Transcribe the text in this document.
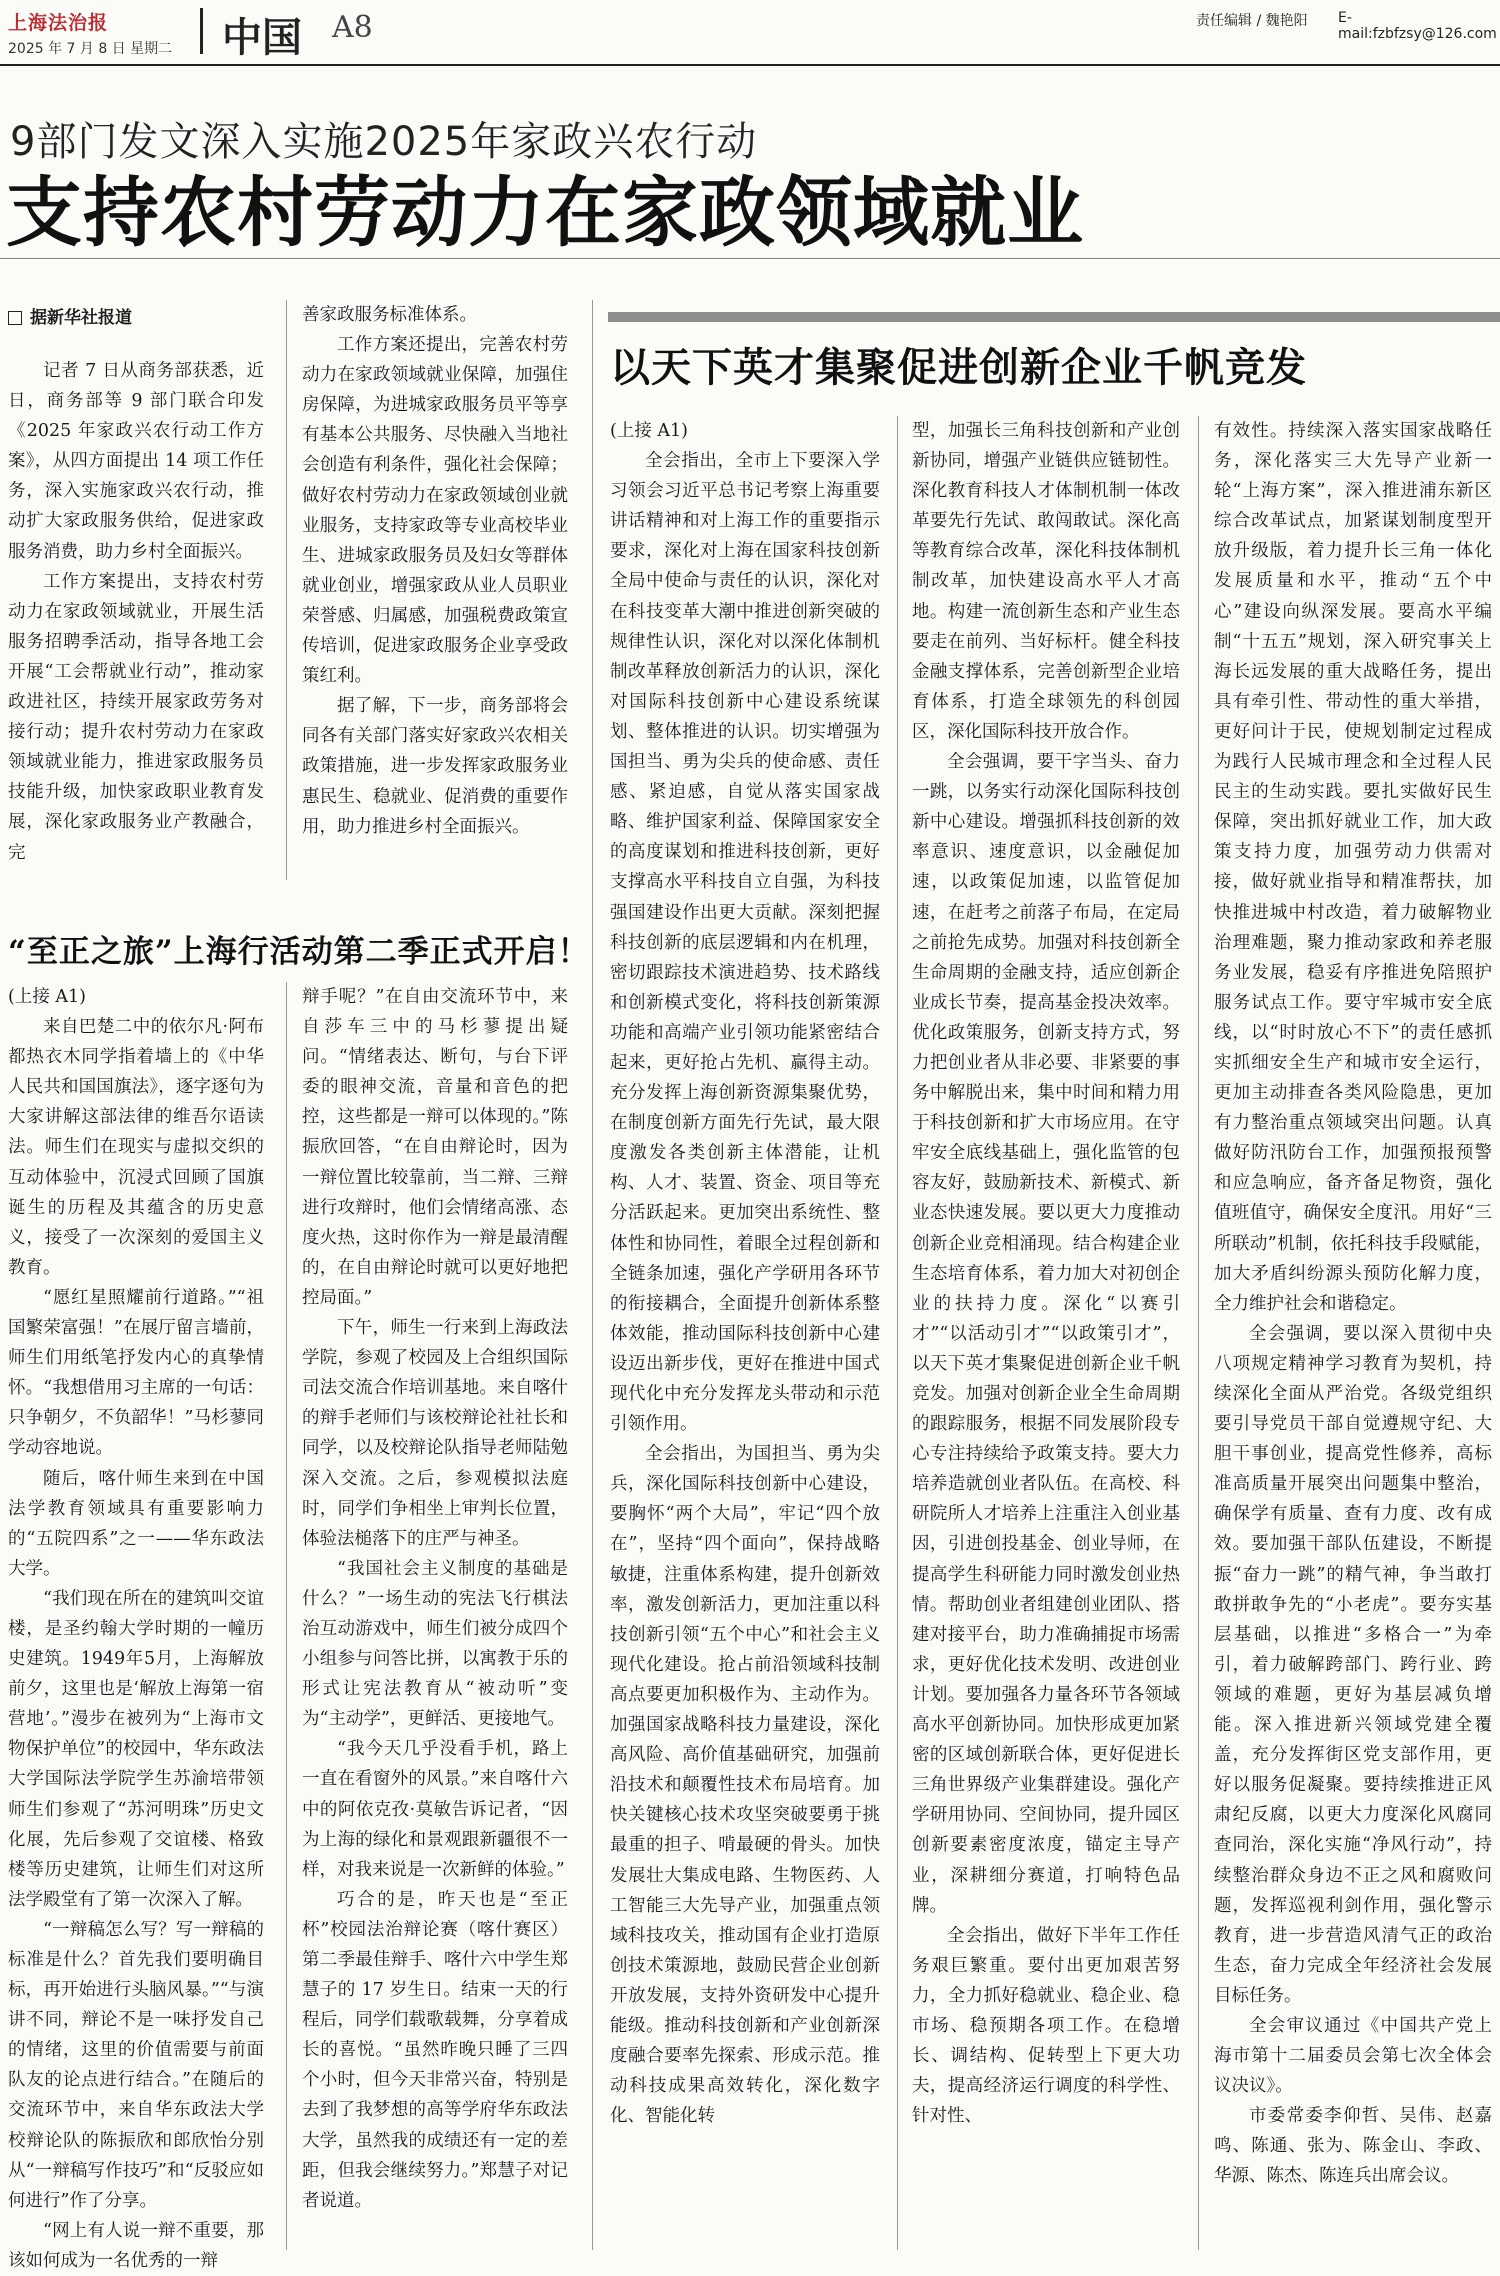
上海法治报
2025 年 7 月 8 日 星期二 中国 A8	责任编辑 / 魏艳阳 E-mail:fzbfzsy@126.com
9部门发文深入实施2025年家政兴农行动
支持农村劳动力在家政领域就业
据新华社报道

记者 7 日从商务部获悉，近日，商务部等 9 部门联合印发《2025 年家政兴农行动工作方案》，从四方面提出 14 项工作任务，深入实施家政兴农行动，推动扩大家政服务供给，促进家政服务消费，助力乡村全面振兴。

工作方案提出，支持农村劳动力在家政领域就业，开展生活服务招聘季活动，指导各地工会开展“工会帮就业行动”，推动家政进社区，持续开展家政劳务对接行动；提升农村劳动力在家政领域就业能力，推进家政服务员技能升级，加快家政职业教育发展，深化家政服务业产教融合，完

善家政服务标准体系。

工作方案还提出，完善农村劳动力在家政领域就业保障，加强住房保障，为进城家政服务员平等享有基本公共服务、尽快融入当地社会创造有利条件，强化社会保障；做好农村劳动力在家政领域创业就业服务，支持家政等专业高校毕业生、进城家政服务员及妇女等群体就业创业，增强家政从业人员职业荣誉感、归属感，加强税费政策宣传培训，促进家政服务企业享受政策红利。

据了解，下一步，商务部将会同各有关部门落实好家政兴农相关政策措施，进一步发挥家政服务业惠民生、稳就业、促消费的重要作用，助力推进乡村全面振兴。

“至正之旅”上海行活动第二季正式开启！

(上接 A1)

来自巴楚二中的依尔凡·阿布都热衣木同学指着墙上的《中华人民共和国国旗法》，逐字逐句为大家讲解这部法律的维吾尔语读法。师生们在现实与虚拟交织的互动体验中，沉浸式回顾了国旗诞生的历程及其蕴含的历史意义，接受了一次深刻的爱国主义教育。

“愿红星照耀前行道路。”“祖国繁荣富强！”在展厅留言墙前，师生们用纸笔抒发内心的真挚情怀。“我想借用习主席的一句话：只争朝夕，不负韶华！”马杉蓼同学动容地说。

随后，喀什师生来到在中国法学教育领域具有重要影响力的“五院四系”之一——华东政法大学。

“我们现在所在的建筑叫交谊楼，是圣约翰大学时期的一幢历史建筑。1949年5月，上海解放前夕，这里也是‘解放上海第一宿营地’。”漫步在被列为“上海市文物保护单位”的校园中，华东政法大学国际法学院学生苏渝培带领师生们参观了“苏河明珠”历史文化展，先后参观了交谊楼、格致楼等历史建筑，让师生们对这所法学殿堂有了第一次深入了解。

“一辩稿怎么写？写一辩稿的标准是什么？首先我们要明确目标，再开始进行头脑风暴。”“与演讲不同，辩论不是一味抒发自己的情绪，这里的价值需要与前面队友的论点进行结合。”在随后的交流环节中，来自华东政法大学校辩论队的陈振欣和郎欣怡分别从“一辩稿写作技巧”和“反驳应如何进行”作了分享。

“网上有人说一辩不重要，那该如何成为一名优秀的一辩

辩手呢？”在自由交流环节中，来自莎车三中的马杉蓼提出疑问。“情绪表达、断句，与台下评委的眼神交流，音量和音色的把控，这些都是一辩可以体现的。”陈振欣回答，“在自由辩论时，因为一辩位置比较靠前，当二辩、三辩进行攻辩时，他们会情绪高涨、态度火热，这时你作为一辩是最清醒的，在自由辩论时就可以更好地把控局面。”

下午，师生一行来到上海政法学院，参观了校园及上合组织国际司法交流合作培训基地。来自喀什的辩手老师们与该校辩论社社长和同学，以及校辩论队指导老师陆勉深入交流。之后，参观模拟法庭时，同学们争相坐上审判长位置，体验法槌落下的庄严与神圣。

“我国社会主义制度的基础是什么？”一场生动的宪法飞行棋法治互动游戏中，师生们被分成四个小组参与问答比拼，以寓教于乐的形式让宪法教育从“被动听”变为“主动学”，更鲜活、更接地气。

“我今天几乎没看手机，路上一直在看窗外的风景。”来自喀什六中的阿依克孜·莫敏告诉记者，“因为上海的绿化和景观跟新疆很不一样，对我来说是一次新鲜的体验。”

巧合的是，昨天也是“至正杯”校园法治辩论赛（喀什赛区）第二季最佳辩手、喀什六中学生郑慧子的 17 岁生日。结束一天的行程后，同学们载歌载舞，分享着成长的喜悦。“虽然昨晚只睡了三四个小时，但今天非常兴奋，特别是去到了我梦想的高等学府华东政法大学，虽然我的成绩还有一定的差距，但我会继续努力。”郑慧子对记者说道。

以天下英才集聚促进创新企业千帆竞发

(上接 A1)

全会指出，全市上下要深入学习领会习近平总书记考察上海重要讲话精神和对上海工作的重要指示要求，深化对上海在国家科技创新全局中使命与责任的认识，深化对在科技变革大潮中推进创新突破的规律性认识，深化对以深化体制机制改革释放创新活力的认识，深化对国际科技创新中心建设系统谋划、整体推进的认识。切实增强为国担当、勇为尖兵的使命感、责任感、紧迫感，自觉从落实国家战略、维护国家利益、保障国家安全的高度谋划和推进科技创新，更好支撑高水平科技自立自强，为科技强国建设作出更大贡献。深刻把握科技创新的底层逻辑和内在机理，密切跟踪技术演进趋势、技术路线和创新模式变化，将科技创新策源功能和高端产业引领功能紧密结合起来，更好抢占先机、赢得主动。充分发挥上海创新资源集聚优势，在制度创新方面先行先试，最大限度激发各类创新主体潜能，让机构、人才、装置、资金、项目等充分活跃起来。更加突出系统性、整体性和协同性，着眼全过程创新和全链条加速，强化产学研用各环节的衔接耦合，全面提升创新体系整体效能，推动国际科技创新中心建设迈出新步伐，更好在推进中国式现代化中充分发挥龙头带动和示范引领作用。

全会指出，为国担当、勇为尖兵，深化国际科技创新中心建设，要胸怀“两个大局”，牢记“四个放在”，坚持“四个面向”，保持战略敏捷，注重体系构建，提升创新效率，激发创新活力，更加注重以科技创新引领“五个中心”和社会主义现代化建设。抢占前沿领域科技制高点要更加积极作为、主动作为。加强国家战略科技力量建设，深化高风险、高价值基础研究，加强前沿技术和颠覆性技术布局培育。加快关键核心技术攻坚突破要勇于挑最重的担子、啃最硬的骨头。加快发展壮大集成电路、生物医药、人工智能三大先导产业，加强重点领域科技攻关，推动国有企业打造原创技术策源地，鼓励民营企业创新开放发展，支持外资研发中心提升能级。推动科技创新和产业创新深度融合要率先探索、形成示范。推动科技成果高效转化，深化数字化、智能化转

型，加强长三角科技创新和产业创新协同，增强产业链供应链韧性。深化教育科技人才体制机制一体改革要先行先试、敢闯敢试。深化高等教育综合改革，深化科技体制机制改革，加快建设高水平人才高地。构建一流创新生态和产业生态要走在前列、当好标杆。健全科技金融支撑体系，完善创新型企业培育体系，打造全球领先的科创园区，深化国际科技开放合作。

全会强调，要干字当头、奋力一跳，以务实行动深化国际科技创新中心建设。增强抓科技创新的效率意识、速度意识，以金融促加速，以政策促加速，以监管促加速，在赶考之前落子布局，在定局之前抢先成势。加强对科技创新全生命周期的金融支持，适应创新企业成长节奏，提高基金投决效率。优化政策服务，创新支持方式，努力把创业者从非必要、非紧要的事务中解脱出来，集中时间和精力用于科技创新和扩大市场应用。在守牢安全底线基础上，强化监管的包容友好，鼓励新技术、新模式、新业态快速发展。要以更大力度推动创新企业竞相涌现。结合构建企业生态培育体系，着力加大对初创企业的扶持力度。深化“以赛引才”“以活动引才”“以政策引才”，以天下英才集聚促进创新企业千帆竞发。加强对创新企业全生命周期的跟踪服务，根据不同发展阶段专心专注持续给予政策支持。要大力培养造就创业者队伍。在高校、科研院所人才培养上注重注入创业基因，引进创投基金、创业导师，在提高学生科研能力同时激发创业热情。帮助创业者组建创业团队、搭建对接平台，助力准确捕捉市场需求，更好优化技术发明、改进创业计划。要加强各力量各环节各领域高水平创新协同。加快形成更加紧密的区域创新联合体，更好促进长三角世界级产业集群建设。强化产学研用协同、空间协同，提升园区创新要素密度浓度，锚定主导产业，深耕细分赛道，打响特色品牌。

全会指出，做好下半年工作任务艰巨繁重。要付出更加艰苦努力，全力抓好稳就业、稳企业、稳市场、稳预期各项工作。在稳增长、调结构、促转型上下更大功夫，提高经济运行调度的科学性、针对性、

有效性。持续深入落实国家战略任务，深化落实三大先导产业新一轮“上海方案”，深入推进浦东新区综合改革试点，加紧谋划制度型开放升级版，着力提升长三角一体化发展质量和水平，推动“五个中心”建设向纵深发展。要高水平编制“十五五”规划，深入研究事关上海长远发展的重大战略任务，提出具有牵引性、带动性的重大举措，更好问计于民，使规划制定过程成为践行人民城市理念和全过程人民民主的生动实践。要扎实做好民生保障，突出抓好就业工作，加大政策支持力度，加强劳动力供需对接，做好就业指导和精准帮扶，加快推进城中村改造，着力破解物业治理难题，聚力推动家政和养老服务业发展，稳妥有序推进免陪照护服务试点工作。要守牢城市安全底线，以“时时放心不下”的责任感抓实抓细安全生产和城市安全运行，更加主动排查各类风险隐患，更加有力整治重点领域突出问题。认真做好防汛防台工作，加强预报预警和应急响应，备齐备足物资，强化值班值守，确保安全度汛。用好“三所联动”机制，依托科技手段赋能，加大矛盾纠纷源头预防化解力度，全力维护社会和谐稳定。

全会强调，要以深入贯彻中央八项规定精神学习教育为契机，持续深化全面从严治党。各级党组织要引导党员干部自觉遵规守纪、大胆干事创业，提高党性修养，高标准高质量开展突出问题集中整治，确保学有质量、查有力度、改有成效。要加强干部队伍建设，不断提振“奋力一跳”的精气神，争当敢打敢拼敢争先的“小老虎”。要夯实基层基础，以推进“多格合一”为牵引，着力破解跨部门、跨行业、跨领域的难题，更好为基层减负增能。深入推进新兴领域党建全覆盖，充分发挥街区党支部作用，更好以服务促凝聚。要持续推进正风肃纪反腐，以更大力度深化风腐同查同治，深化实施“净风行动”，持续整治群众身边不正之风和腐败问题，发挥巡视利剑作用，强化警示教育，进一步营造风清气正的政治生态，奋力完成全年经济社会发展目标任务。

全会审议通过《中国共产党上海市第十二届委员会第七次全体会议决议》。

市委常委李仰哲、吴伟、赵嘉鸣、陈通、张为、陈金山、李政、华源、陈杰、陈连兵出席会议。
